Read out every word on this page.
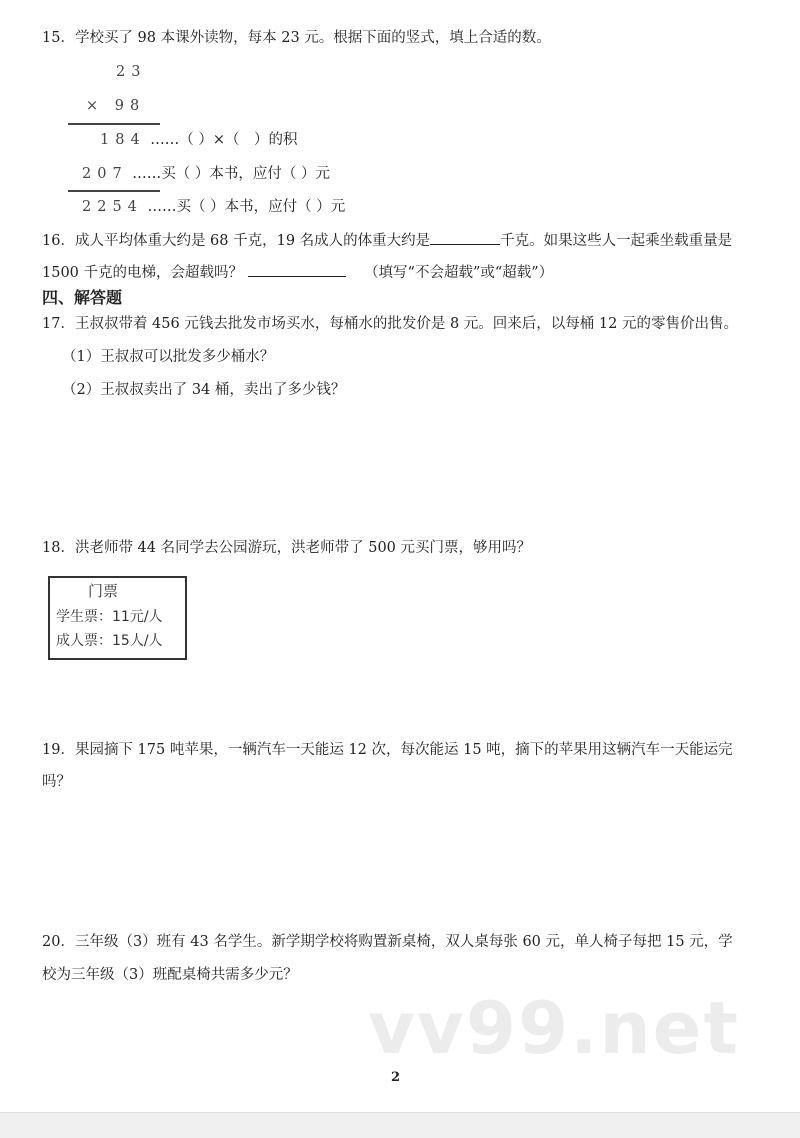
15．学校买了 98 本课外读物，每本 23 元。根据下面的竖式，填上合适的数。
23
× 98
184 ……（ ）×（　）的积
207 ……买（ ）本书，应付（ ）元
2254 ……买（ ）本书，应付（ ）元
16．成人平均体重大约是 68 千克，19 名成人的体重大约是	千克。如果这些人一起乘坐载重量是
1500 千克的电梯，会超载吗？	（填写“不会超载”或“超载”）
四、解答题
17．王叔叔带着 456 元钱去批发市场买水，每桶水的批发价是 8 元。回来后，以每桶 12 元的零售价出售。
（1）王叔叔可以批发多少桶水？
（2）王叔叔卖出了 34 桶，卖出了多少钱？
18．洪老师带 44 名同学去公园游玩，洪老师带了 500 元买门票，够用吗？
门票
学生票：11元/人
成人票：15人/人
19．果园摘下 175 吨苹果，一辆汽车一天能运 12 次，每次能运 15 吨，摘下的苹果用这辆汽车一天能运完
吗？
20．三年级（3）班有 43 名学生。新学期学校将购置新桌椅，双人桌每张 60 元，单人椅子每把 15 元，学
校为三年级（3）班配桌椅共需多少元？
vv99.net
2
